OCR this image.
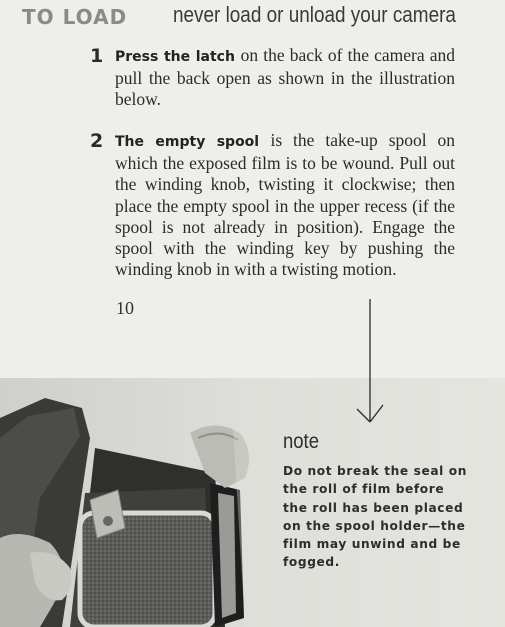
TO LOAD never load or unload your camera
1 Press the latch on the back of the camera and pull the back open as shown in the illustration below.
2 The empty spool is the take-up spool on which the exposed film is to be wound. Pull out the winding knob, twisting it clockwise; then place the empty spool in the upper recess (if the spool is not already in position). Engage the spool with the winding key by pushing the winding knob in with a twisting motion.
10
note
Do not break the seal on the roll of film before the roll has been placed on the spool holder—the film may unwind and be fogged.
